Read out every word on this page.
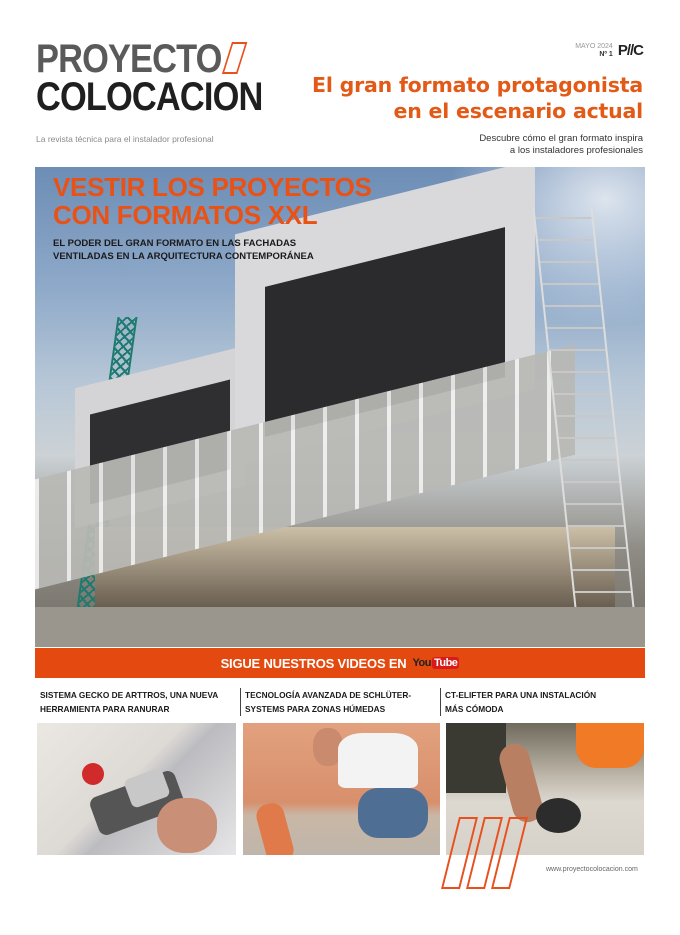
PROYECTO
COLOCACION
La revista técnica para el instalador profesional
MAYO 2024
Nº 1 P//C
El gran formato protagonista
en el escenario actual
Descubre cómo el gran formato inspira
a los instaladores profesionales
VESTIR LOS PROYECTOS
CON FORMATOS XXL
EL PODER DEL GRAN FORMATO EN LAS FACHADAS
VENTILADAS EN LA ARQUITECTURA CONTEMPORÁNEA
SIGUE NUESTROS VIDEOS EN You Tube
SISTEMA GECKO DE ARTTROS, UNA NUEVA
HERRAMIENTA PARA RANURAR
TECNOLOGÍA AVANZADA DE SCHLÜTER-
SYSTEMS PARA ZONAS HÚMEDAS
CT-ELIFTER PARA UNA INSTALACIÓN
MÁS CÓMODA
www.proyectocolocacion.com
